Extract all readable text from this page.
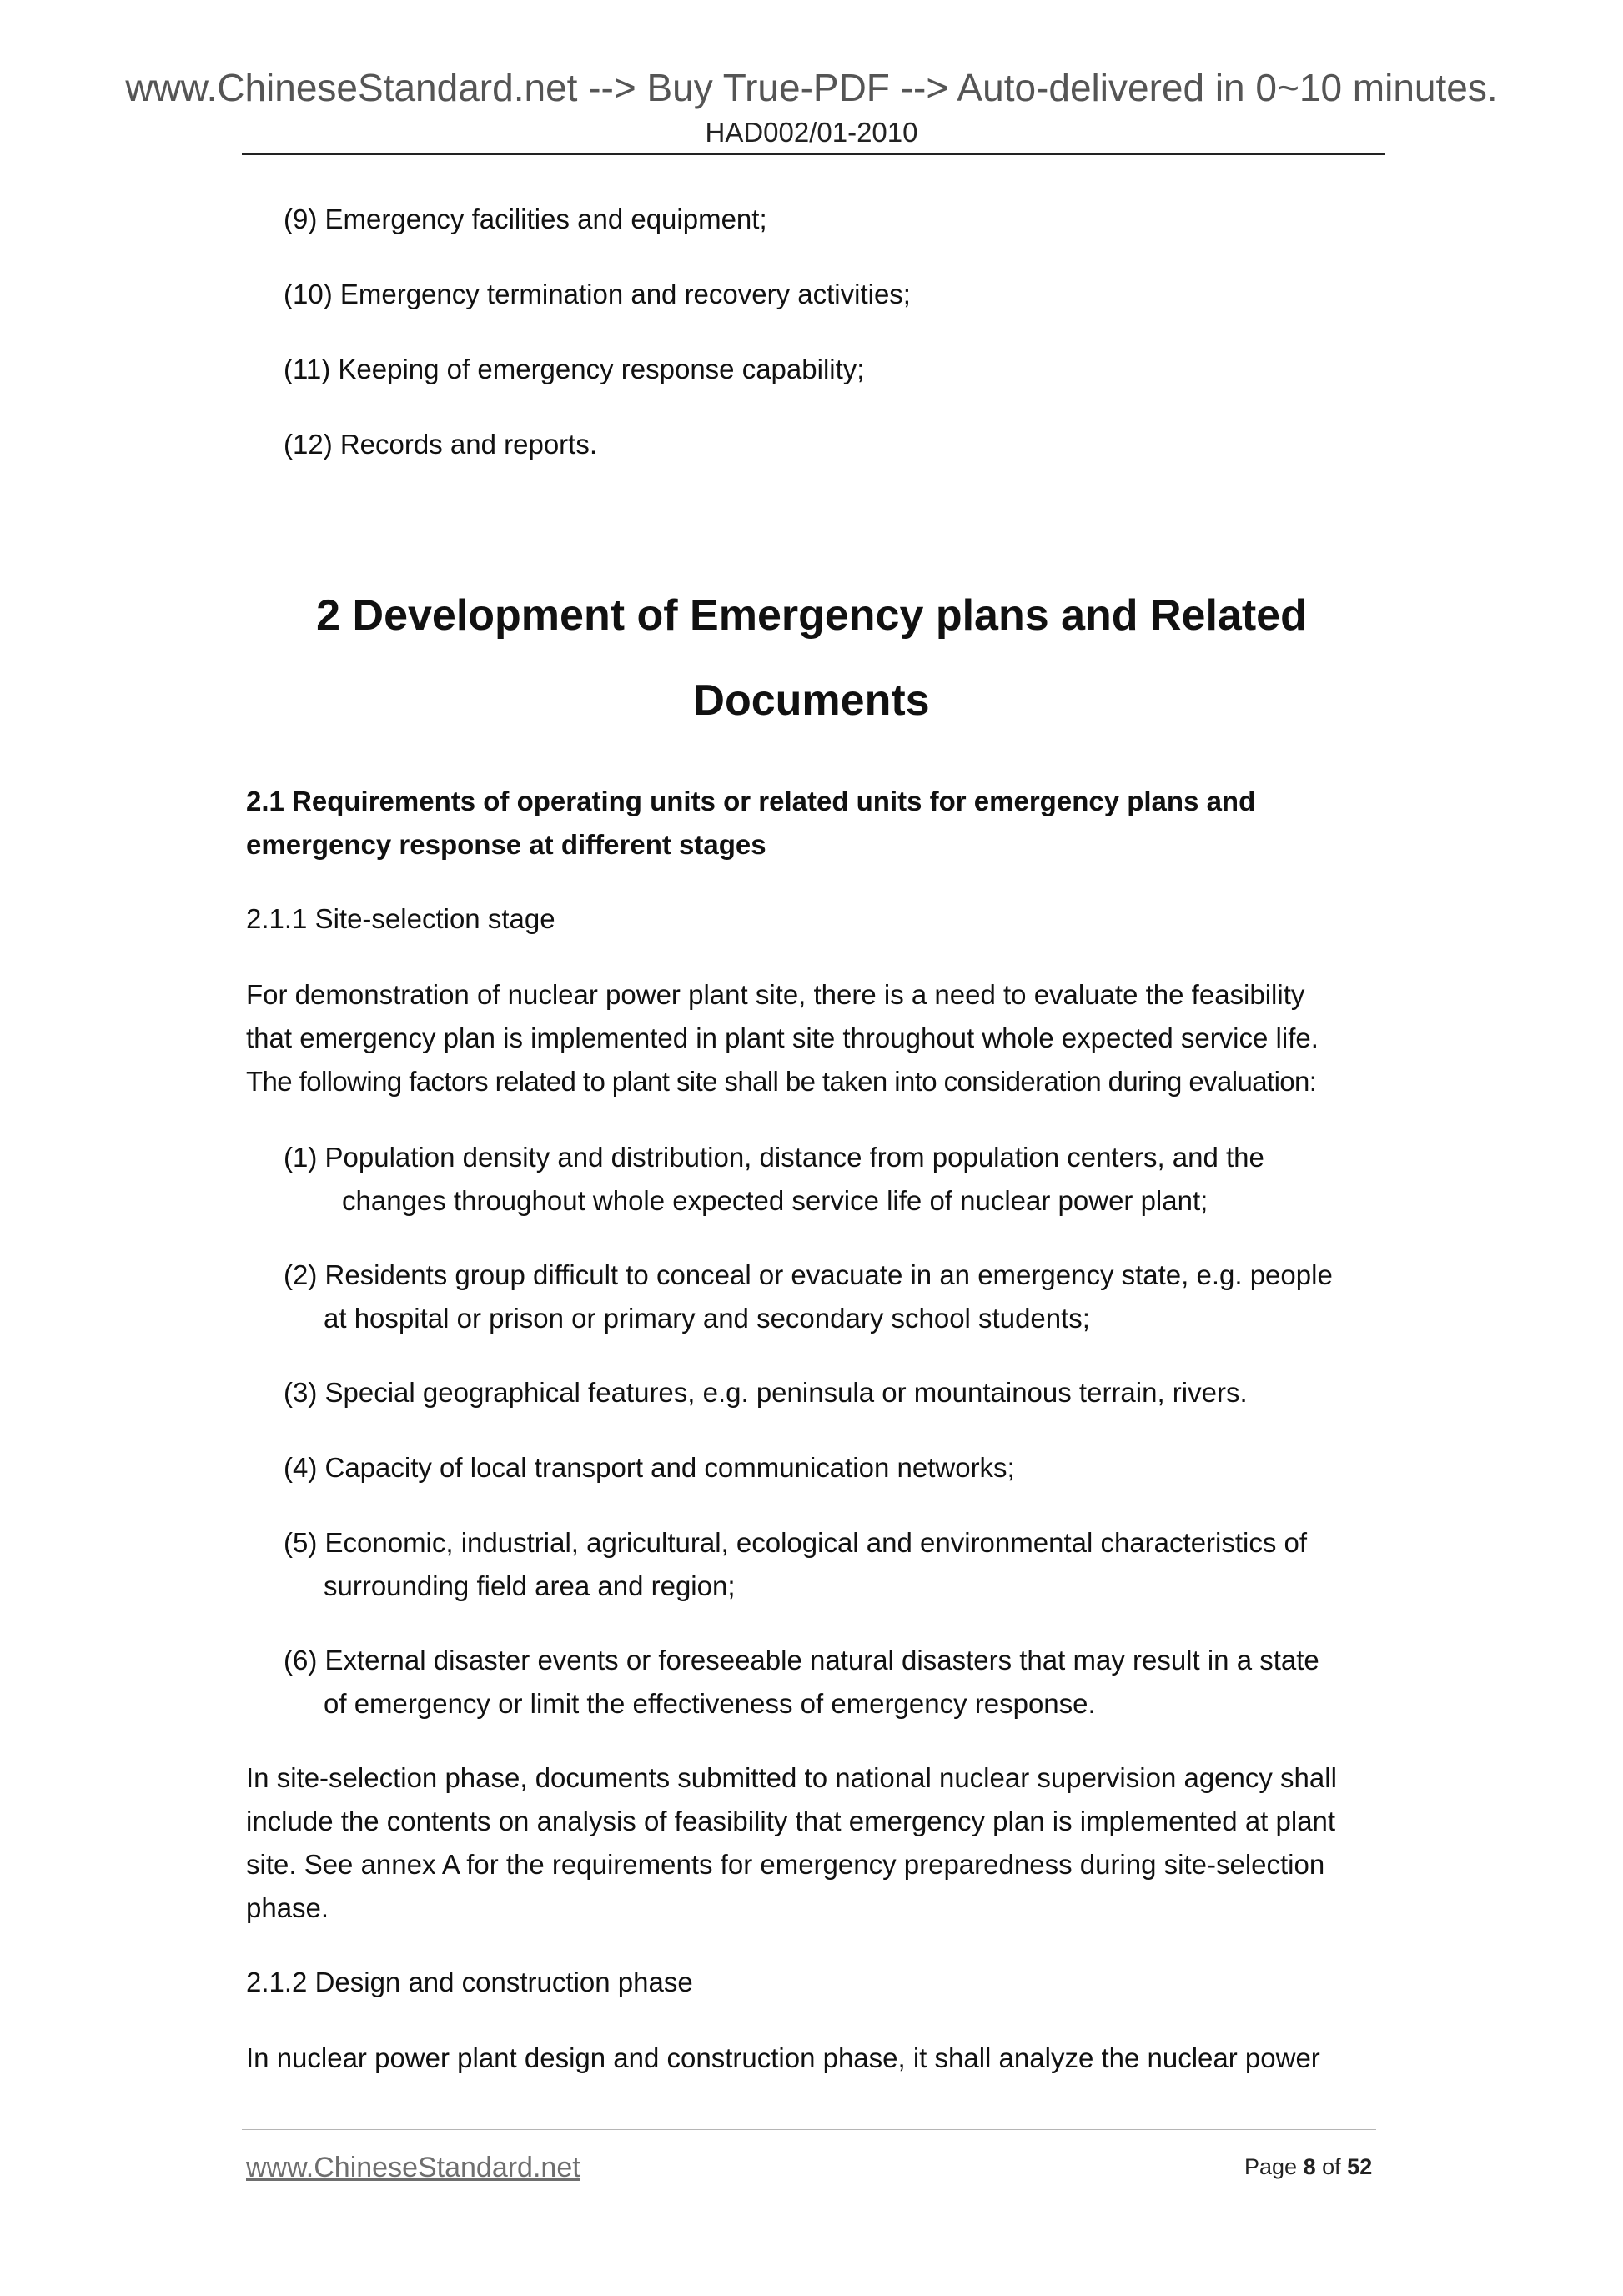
www.ChineseStandard.net --> Buy True-PDF --> Auto-delivered in 0~10 minutes.
HAD002/01-2010
(9) Emergency facilities and equipment;
(10) Emergency termination and recovery activities;
(11) Keeping of emergency response capability;
(12) Records and reports.
2 Development of Emergency plans and Related
Documents
2.1 Requirements of operating units or related units for emergency plans and
emergency response at different stages
2.1.1 Site-selection stage
For demonstration of nuclear power plant site, there is a need to evaluate the feasibility
that emergency plan is implemented in plant site throughout whole expected service life.
The following factors related to plant site shall be taken into consideration during evaluation:
(1) Population density and distribution, distance from population centers, and the
changes throughout whole expected service life of nuclear power plant;
(2) Residents group difficult to conceal or evacuate in an emergency state, e.g. people
at hospital or prison or primary and secondary school students;
(3) Special geographical features, e.g. peninsula or mountainous terrain, rivers.
(4) Capacity of local transport and communication networks;
(5) Economic, industrial, agricultural, ecological and environmental characteristics of
surrounding field area and region;
(6) External disaster events or foreseeable natural disasters that may result in a state
of emergency or limit the effectiveness of emergency response.
In site-selection phase, documents submitted to national nuclear supervision agency shall
include the contents on analysis of feasibility that emergency plan is implemented at plant
site. See annex A for the requirements for emergency preparedness during site-selection
phase.
2.1.2 Design and construction phase
In nuclear power plant design and construction phase, it shall analyze the nuclear power
www.ChineseStandard.net	Page 8 of 52
